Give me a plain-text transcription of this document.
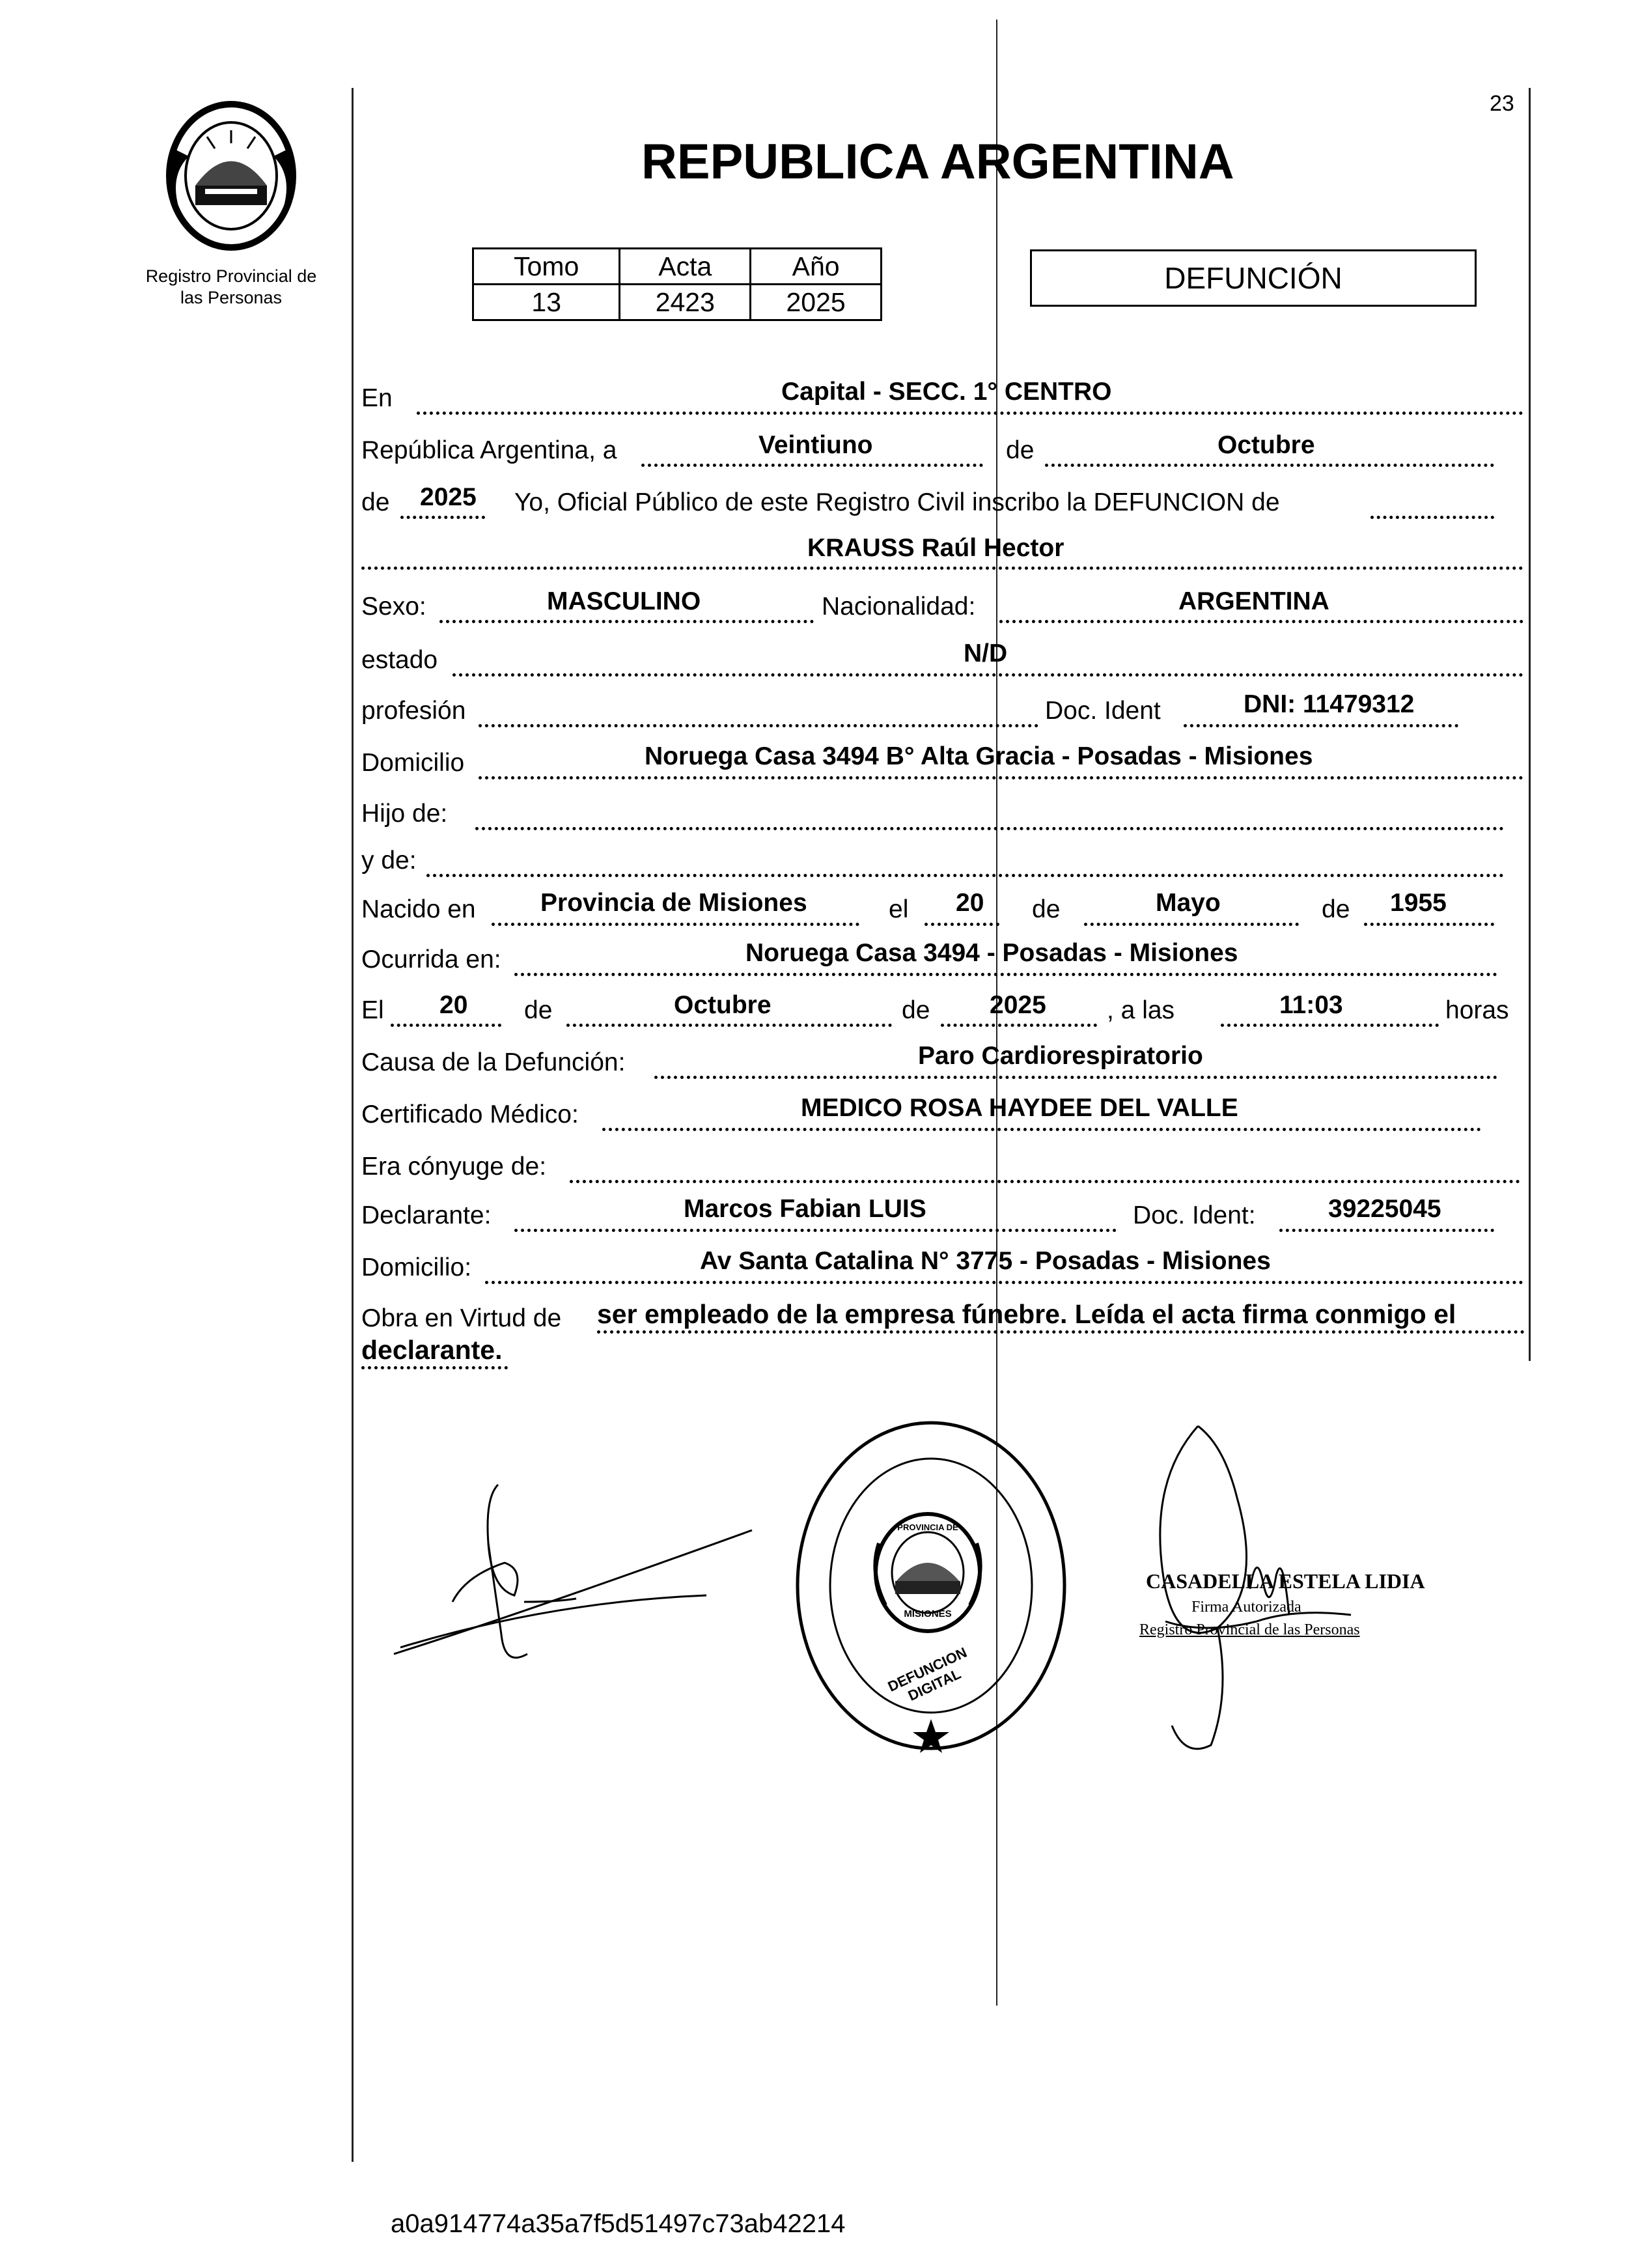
Registro Provincial de
las Personas
23
REPUBLICA ARGENTINA
Tomo	Acta	Año
13	2423	2025
DEFUNCIÓN
En	Capital - SECC. 1° CENTRO
República Argentina, a	Veintiuno	de	Octubre
de 2025 Yo, Oficial Público de este Registro Civil inscribo la DEFUNCION de
KRAUSS Raúl Hector
Sexo:	MASCULINO	Nacionalidad:	ARGENTINA
estado	N/D
profesión	Doc. Ident	DNI: 11479312
Domicilio	Noruega Casa 3494 B° Alta Gracia - Posadas - Misiones
Hijo de:
y de:
Nacido en	Provincia de Misiones	el 20 de	Mayo	de 1955
Ocurrida en:	Noruega Casa 3494 - Posadas - Misiones
El 20 de	Octubre	de 2025 , a las	11:03	horas
Causa de la Defunción:	Paro Cardiorespiratorio
Certificado Médico:	MEDICO ROSA HAYDEE DEL VALLE
Era cónyuge de:
Declarante:	Marcos Fabian LUIS	Doc. Ident:	39225045
Domicilio:	Av Santa Catalina N° 3775 - Posadas - Misiones
Obra en Virtud de ser empleado de la empresa fúnebre. Leída el acta firma conmigo el
declarante.
DEFUNCION DIGITAL
PROVINCIA DE
MISIONES
CASADELLA ESTELA LIDIA
Firma Autorizada
Registro Provincial de las Personas
a0a914774a35a7f5d51497c73ab42214
